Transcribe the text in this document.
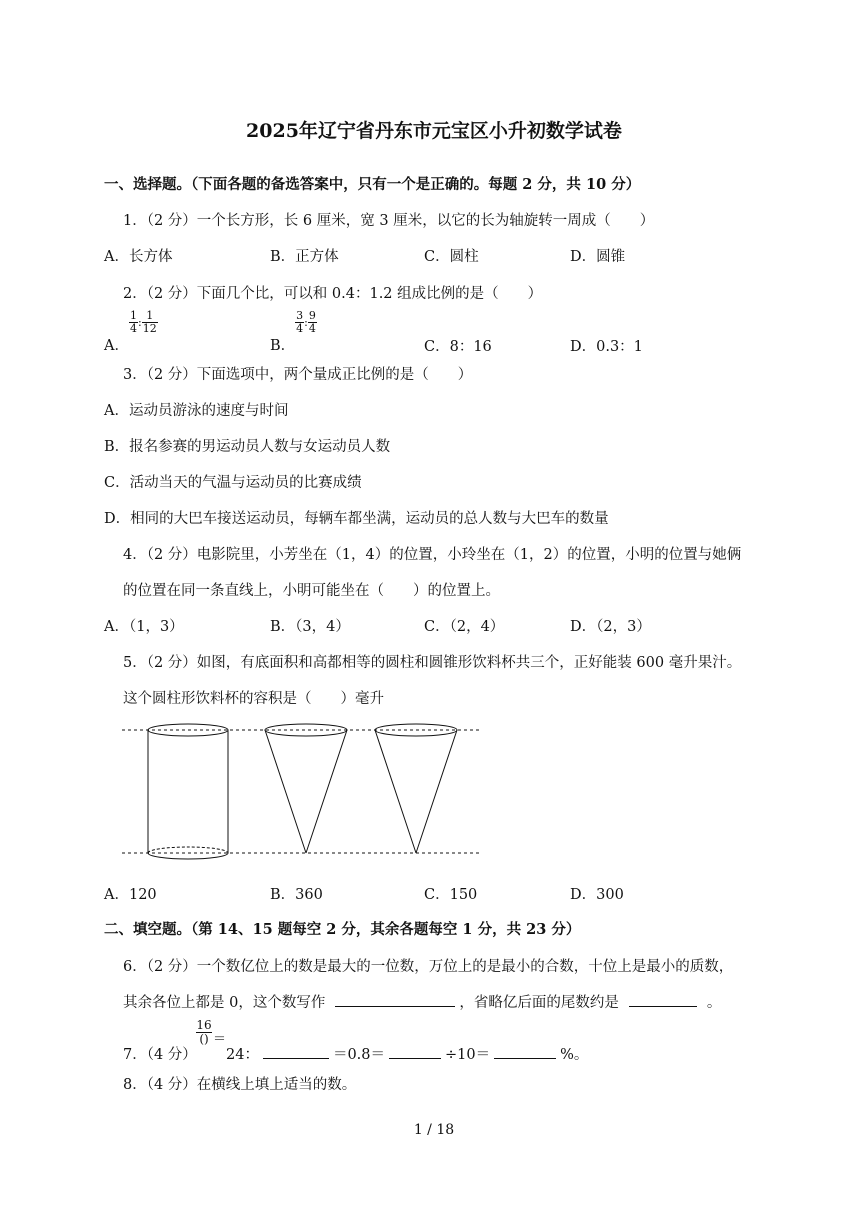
2025年辽宁省丹东市元宝区小升初数学试卷
一、选择题。（下面各题的备选答案中，只有一个是正确的。每题 2 分，共 10 分）
1．（2 分）一个长方形，长 6 厘米，宽 3 厘米，以它的长为轴旋转一周成（　　）
A．长方体	B．正方体	C．圆柱	D．圆锥
2．（2 分）下面几个比，可以和 0.4：1.2 组成比例的是（　　）
A．
$\frac{1}{4} ^: \frac{1}{12}$
B．
$\frac{3}{4} ^: \frac{9}{4}$
C．8：16	D．0.3：1
3．（2 分）下面选项中，两个量成正比例的是（　　）
A．运动员游泳的速度与时间
B．报名参赛的男运动员人数与女运动员人数
C．活动当天的气温与运动员的比赛成绩
D．相同的大巴车接送运动员，每辆车都坐满，运动员的总人数与大巴车的数量
4．（2 分）电影院里，小芳坐在（1，4）的位置，小玲坐在（1，2）的位置，小明的位置与她俩
的位置在同一条直线上，小明可能坐在（　　）的位置上。
A．（1，3）	B．（3，4）	C．（2，4）	D．（2，3）
5．（2 分）如图，有底面积和高都相等的圆柱和圆锥形饮料杯共三个，正好能装 600 毫升果汁。
这个圆柱形饮料杯的容积是（　　）毫升
A．120	B．360	C．150	D．300
二、填空题。（第 14、15 题每空 2 分，其余各题每空 1 分，共 23 分）
6．（2 分）一个数亿位上的数是最大的一位数，万位上的是最小的合数，十位上是最小的质数，
其余各位上都是 0，这个数写作	，省略亿后面的尾数约是	。
7．（4 分）
16
() ＝
24：	＝0.8＝	÷10＝	%。
8．（4 分）在横线上填上适当的数。
1 / 18
